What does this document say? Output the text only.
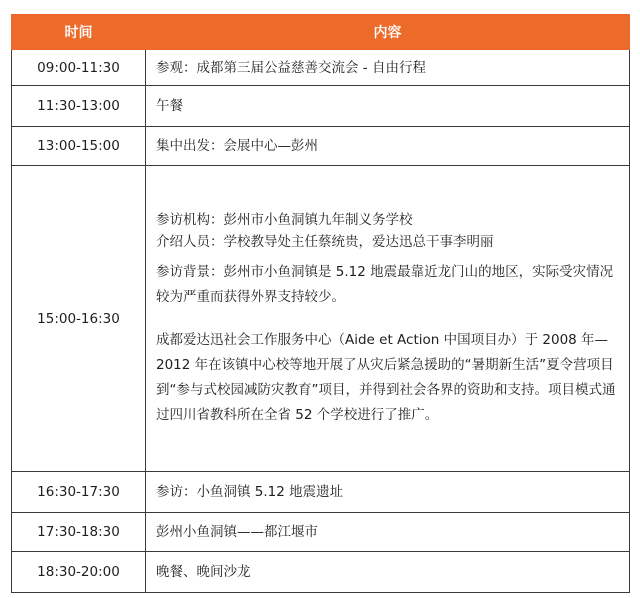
时间	内容
09:00-11:30	参观：成都第三届公益慈善交流会 - 自由行程
11:30-13:00	午餐
13:00-15:00	集中出发：会展中心—彭州
15:00-16:30	参访机构：彭州市小鱼洞镇九年制义务学校

介绍人员：学校教导处主任蔡统贵，爱达迅总干事李明丽

参访背景：彭州市小鱼洞镇是 5.12 地震最靠近龙门山的地区，实际受灾情况较为严重而获得外界支持较少。

成都爱达迅社会工作服务中心（Aide et Action 中国项目办）于 2008 年—2012 年在该镇中心校等地开展了从灾后紧急援助的“暑期新生活”夏令营项目到“参与式校园减防灾教育”项目，并得到社会各界的资助和支持。项目模式通过四川省教科所在全省 52 个学校进行了推广。

16:30-17:30	参访：小鱼洞镇 5.12 地震遗址
17:30-18:30	彭州小鱼洞镇——都江堰市
18:30-20:00	晚餐、晚间沙龙
